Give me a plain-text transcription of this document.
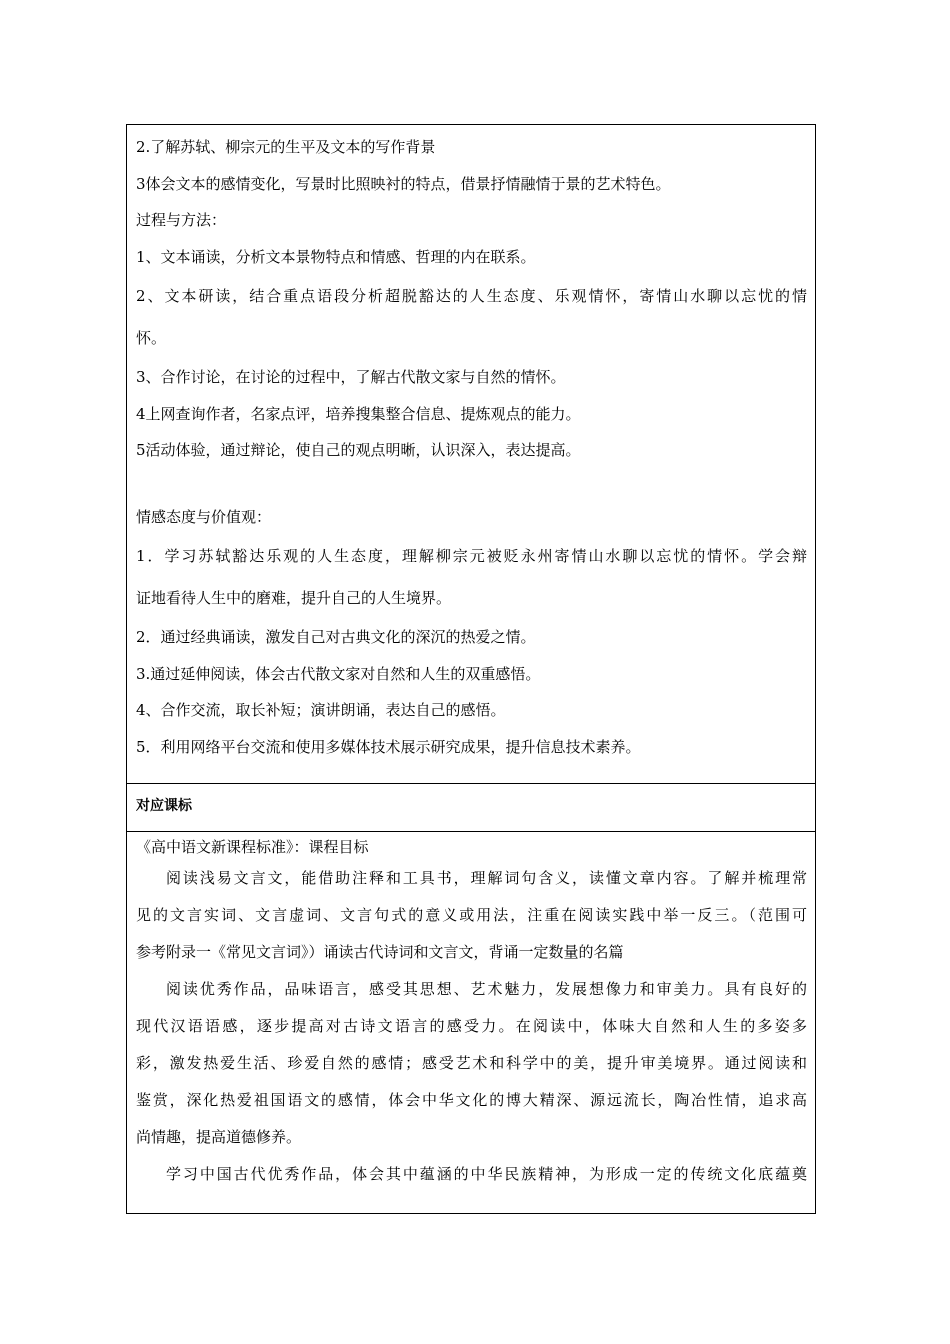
2.了解苏轼、柳宗元的生平及文本的写作背景
3体会文本的感情变化，写景时比照映衬的特点，借景抒情融情于景的艺术特色。
过程与方法：
1、文本诵读，分析文本景物特点和情感、哲理的内在联系。
2、文本研读，结合重点语段分析超脱豁达的人生态度、乐观情怀，寄情山水聊以忘忧的情
怀。
3、合作讨论，在讨论的过程中，了解古代散文家与自然的情怀。
4上网查询作者，名家点评，培养搜集整合信息、提炼观点的能力。
5活动体验，通过辩论，使自己的观点明晰，认识深入，表达提高。
情感态度与价值观：
1．学习苏轼豁达乐观的人生态度，理解柳宗元被贬永州寄情山水聊以忘忧的情怀。学会辩
证地看待人生中的磨难，提升自己的人生境界。
2．通过经典诵读，激发自己对古典文化的深沉的热爱之情。
3.通过延伸阅读，体会古代散文家对自然和人生的双重感悟。
4、合作交流，取长补短；演讲朗诵，表达自己的感悟。
5．利用网络平台交流和使用多媒体技术展示研究成果，提升信息技术素养。
对应课标
《高中语文新课程标准》：课程目标
阅读浅易文言文，能借助注释和工具书，理解词句含义，读懂文章内容。了解并梳理常
见的文言实词、文言虚词、文言句式的意义或用法，注重在阅读实践中举一反三。（范围可
参考附录一《常见文言词》）诵读古代诗词和文言文，背诵一定数量的名篇
阅读优秀作品，品味语言，感受其思想、艺术魅力，发展想像力和审美力。具有良好的
现代汉语语感，逐步提高对古诗文语言的感受力。在阅读中，体味大自然和人生的多姿多
彩，激发热爱生活、珍爱自然的感情；感受艺术和科学中的美，提升审美境界。通过阅读和
鉴赏，深化热爱祖国语文的感情，体会中华文化的博大精深、源远流长，陶冶性情，追求高
尚情趣，提高道德修养。
学习中国古代优秀作品，体会其中蕴涵的中华民族精神，为形成一定的传统文化底蕴奠
